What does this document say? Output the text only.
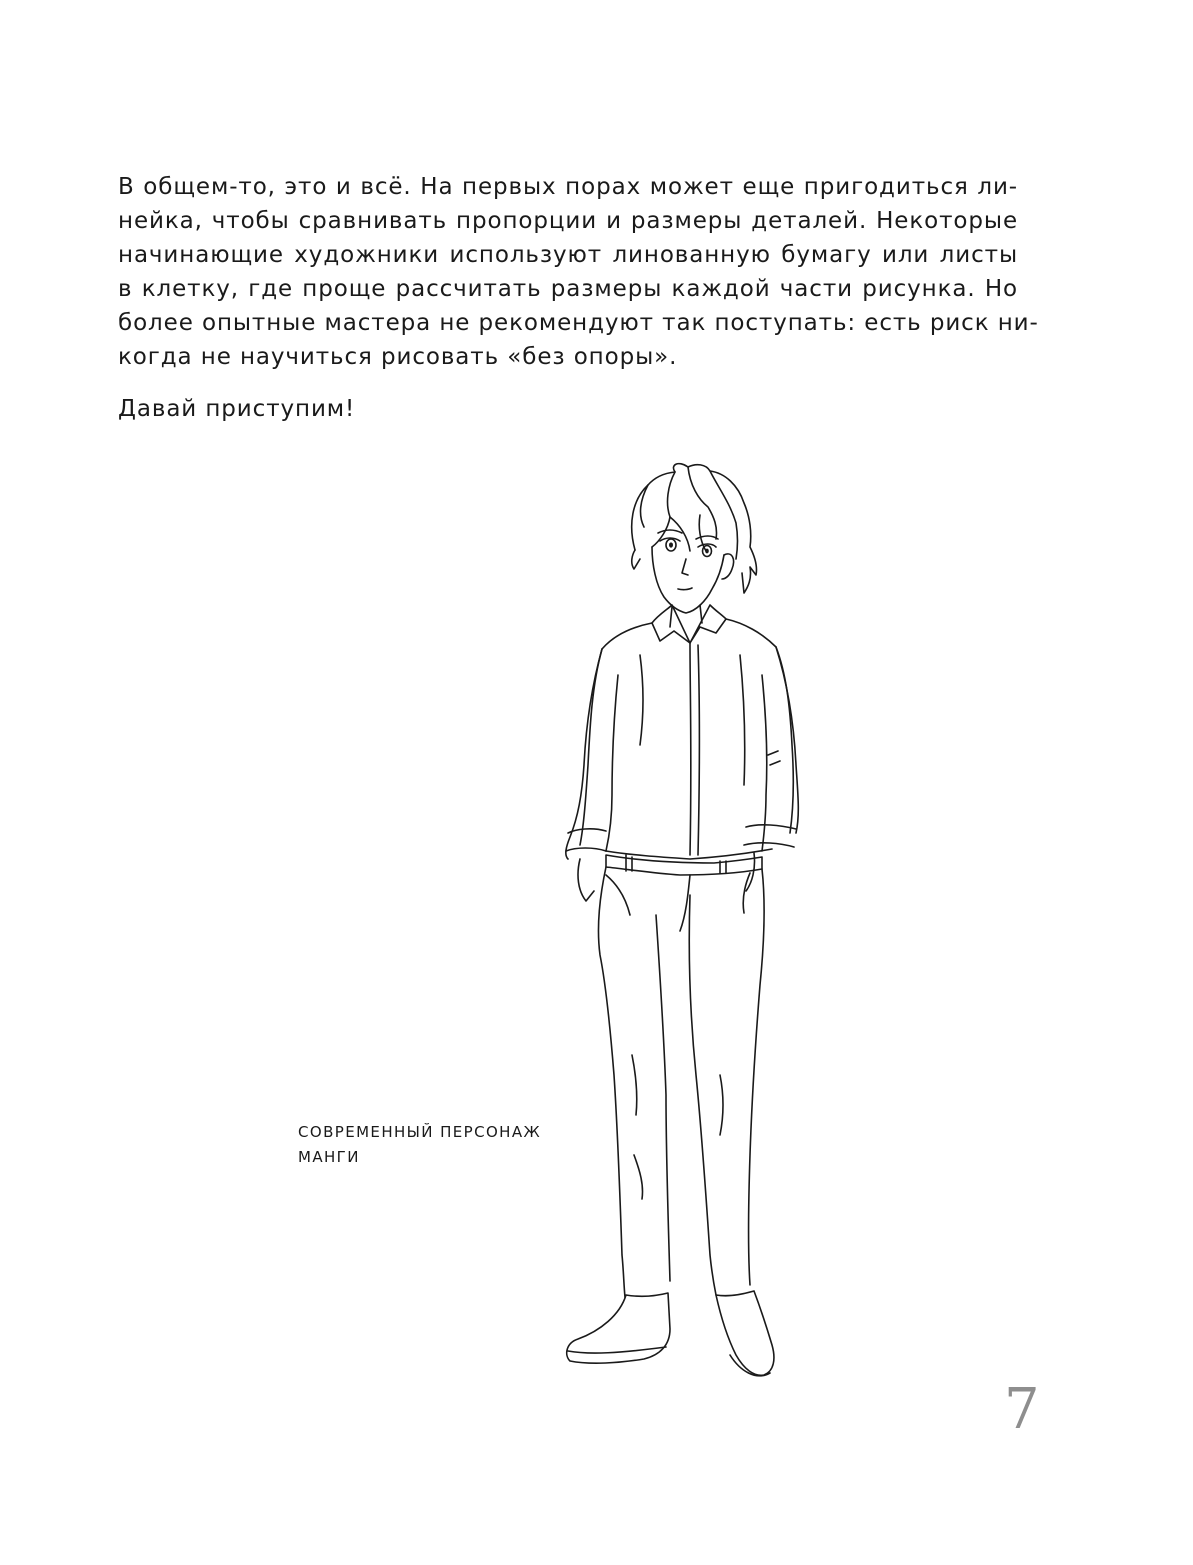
В общем-то, это и всё. На первых порах может еще пригодиться ли-
нейка, чтобы сравнивать пропорции и размеры деталей. Некоторые
начинающие художники используют линованную бумагу или листы
в клетку, где проще рассчитать размеры каждой части рисунка. Но
более опытные мастера не рекомендуют так поступать: есть риск ни-
когда не научиться рисовать «без опоры».

Давай приступим!

СОВРЕМЕННЫЙ ПЕРСОНАЖ
МАНГИ
7
